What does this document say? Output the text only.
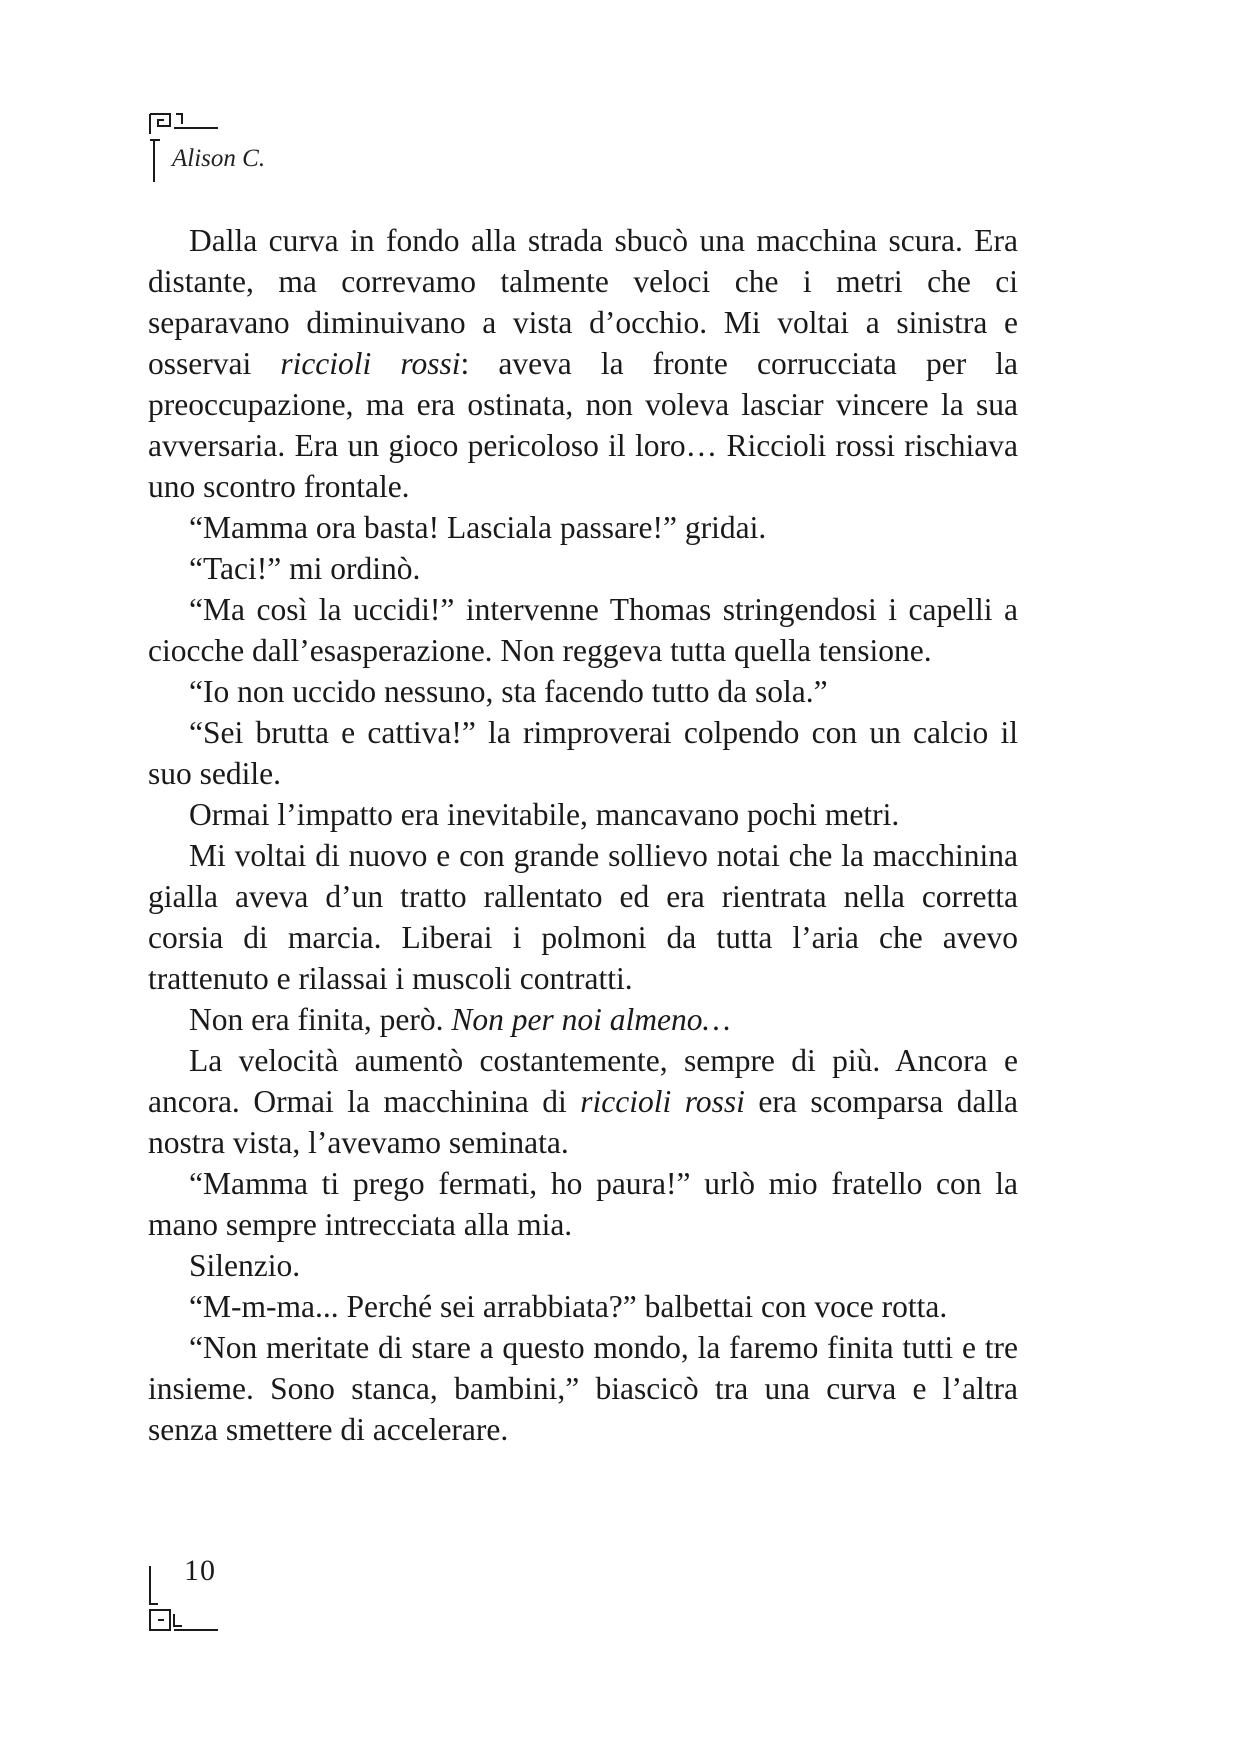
Alison C.

Dalla curva in fondo alla strada sbucò una macchina scura. Era distante, ma correvamo talmente veloci che i metri che ci separavano diminuivano a vista d’occhio. Mi voltai a sinistra e osservai riccioli rossi: aveva la fronte corrucciata per la preoccupazione, ma era ostinata, non voleva lasciar vincere la sua avversaria. Era un gioco pericoloso il loro… Riccioli rossi rischiava uno scontro frontale.

“Mamma ora basta! Lasciala passare!” gridai.

“Taci!” mi ordinò.

“Ma così la uccidi!” intervenne Thomas stringendosi i capelli a ciocche dall’esasperazione. Non reggeva tutta quella tensione.

“Io non uccido nessuno, sta facendo tutto da sola.”

“Sei brutta e cattiva!” la rimproverai colpendo con un calcio il suo sedile.

Ormai l’impatto era inevitabile, mancavano pochi metri.

Mi voltai di nuovo e con grande sollievo notai che la macchinina gialla aveva d’un tratto rallentato ed era rientrata nella corretta corsia di marcia. Liberai i polmoni da tutta l’aria che avevo trattenuto e rilassai i muscoli contratti.

Non era finita, però. Non per noi almeno…

La velocità aumentò costantemente, sempre di più. Ancora e ancora. Ormai la macchinina di riccioli rossi era scomparsa dalla nostra vista, l’avevamo seminata.

“Mamma ti prego fermati, ho paura!” urlò mio fratello con la mano sempre intrecciata alla mia.

Silenzio.

“M-m-ma... Perché sei arrabbiata?” balbettai con voce rotta.

“Non meritate di stare a questo mondo, la faremo finita tutti e tre insieme. Sono stanca, bambini,” biascicò tra una curva e l’altra senza smettere di accelerare.

10
